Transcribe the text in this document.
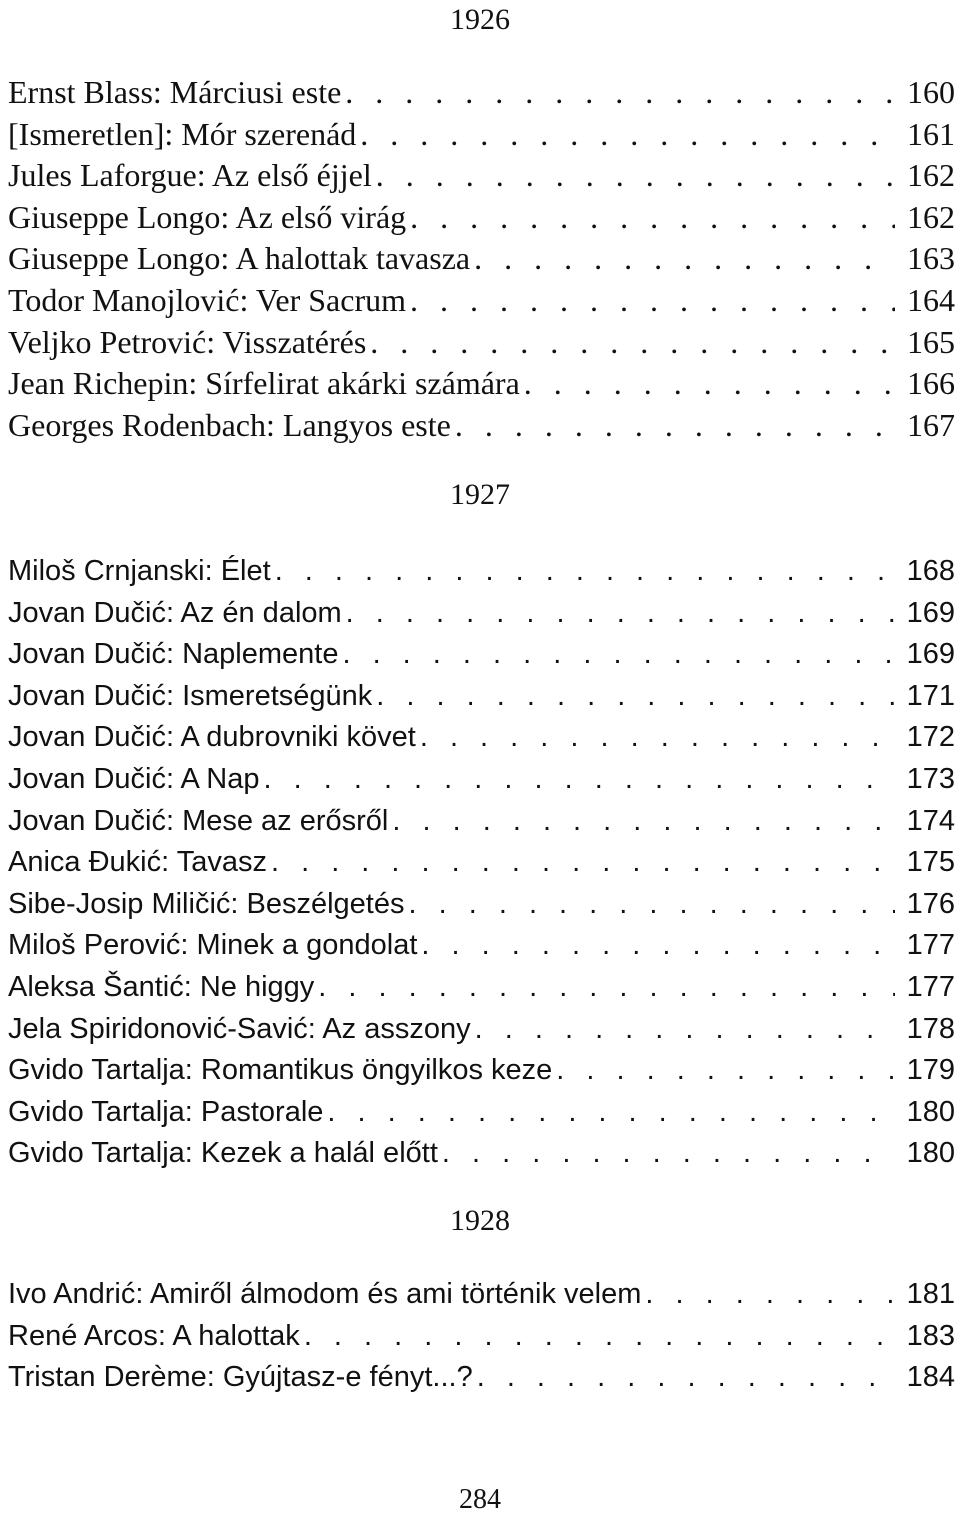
1926
Ernst Blass: Márciusi este . . .	160
[Ismeretlen]: Mór szerenád . . .	161
Jules Laforgue: Az első éjjel . . .	162
Giuseppe Longo: Az első virág . . .	162
Giuseppe Longo: A halottak tavasza . . .	163
Todor Manojlović: Ver Sacrum . . .	164
Veljko Petrović: Visszatérés . . .	165
Jean Richepin: Sírfelirat akárki számára . . .	166
Georges Rodenbach: Langyos este . . .	167
1927
Miloš Crnjanski: Élet . . .	168
Jovan Dučić: Az én dalom . . .	169
Jovan Dučić: Naplemente . . .	169
Jovan Dučić: Ismeretségünk . . .	171
Jovan Dučić: A dubrovniki követ . . .	172
Jovan Dučić: A Nap . . .	173
Jovan Dučić: Mese az erősről . . .	174
Anica Đukić: Tavasz . . .	175
Sibe-Josip Miličić: Beszélgetés . . .	176
Miloš Perović: Minek a gondolat . . .	177
Aleksa Šantić: Ne higgy . . .	177
Jela Spiridonović-Savić: Az asszony . . .	178
Gvido Tartalja: Romantikus öngyilkos keze . . .	179
Gvido Tartalja: Pastorale . . .	180
Gvido Tartalja: Kezek a halál előtt . . .	180
1928
Ivo Andrić: Amiről álmodom és ami történik velem . . .	181
René Arcos: A halottak . . .	183
Tristan Derème: Gyújtasz-e fényt...? . . .	184
284
